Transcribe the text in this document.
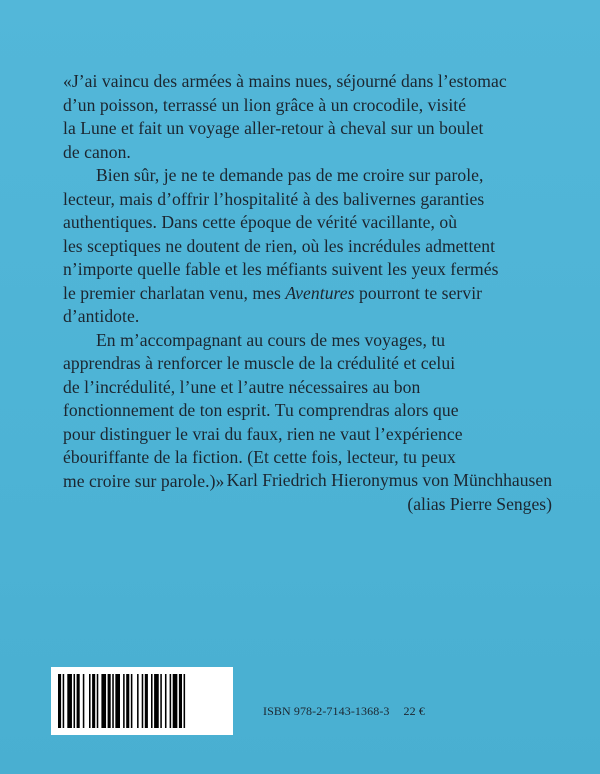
«J’ai vaincu des armées à mains nues, séjourné dans l’estomac
d’un poisson, terrassé un lion grâce à un crocodile, visité
la Lune et fait un voyage aller-retour à cheval sur un boulet
de canon.
Bien sûr, je ne te demande pas de me croire sur parole,
lecteur, mais d’offrir l’hospitalité à des balivernes garanties
authentiques. Dans cette époque de vérité vacillante, où
les sceptiques ne doutent de rien, où les incrédules admettent
n’importe quelle fable et les méfiants suivent les yeux fermés
le premier charlatan venu, mes Aventures pourront te servir
d’antidote.
En m’accompagnant au cours de mes voyages, tu
apprendras à renforcer le muscle de la crédulité et celui
de l’incrédulité, l’une et l’autre nécessaires au bon
fonctionnement de ton esprit. Tu comprendras alors que
pour distinguer le vrai du faux, rien ne vaut l’expérience
ébouriffante de la fiction. (Et cette fois, lecteur, tu peux
me croire sur parole.)» Karl Friedrich Hieronymus von Münchhausen
(alias Pierre Senges)
ISBN 978-2-7143-1368-3 22 €
